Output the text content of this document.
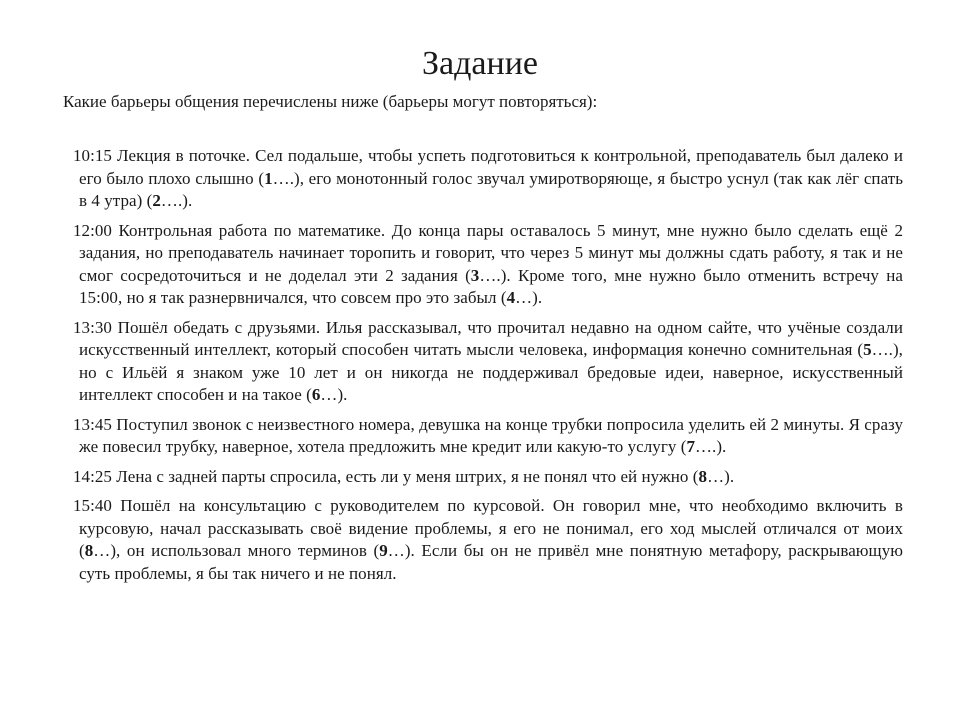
Задание
Какие барьеры общения перечислены ниже (барьеры могут повторяться):

10:15 Лекция в поточке. Сел подальше, чтобы успеть подготовиться к контрольной, преподаватель был далеко и его было плохо слышно (1….), его монотонный голос звучал умиротворяюще, я быстро уснул (так как лёг спать в 4 утра) (2….).

12:00 Контрольная работа по математике. До конца пары оставалось 5 минут, мне нужно было сделать ещё 2 задания, но преподаватель начинает торопить и говорит, что через 5 минут мы должны сдать работу, я так и не смог сосредоточиться и не доделал эти 2 задания (3….). Кроме того, мне нужно было отменить встречу на 15:00, но я так разнервничался, что совсем про это забыл (4…).

13:30 Пошёл обедать с друзьями. Илья рассказывал, что прочитал недавно на одном сайте, что учёные создали искусственный интеллект, который способен читать мысли человека, информация конечно сомнительная (5….), но с Ильёй я знаком уже 10 лет и он никогда не поддерживал бредовые идеи, наверное, искусственный интеллект способен и на такое (6…).

13:45 Поступил звонок с неизвестного номера, девушка на конце трубки попросила уделить ей 2 минуты. Я сразу же повесил трубку, наверное, хотела предложить мне кредит или какую-то услугу (7….).

14:25 Лена с задней парты спросила, есть ли у меня штрих, я не понял что ей нужно (8…).

15:40 Пошёл на консультацию с руководителем по курсовой. Он говорил мне, что необходимо включить в курсовую, начал рассказывать своё видение проблемы, я его не понимал, его ход мыслей отличался от моих (8…), он использовал много терминов (9…). Если бы он не привёл мне понятную метафору, раскрывающую суть проблемы, я бы так ничего и не понял.
